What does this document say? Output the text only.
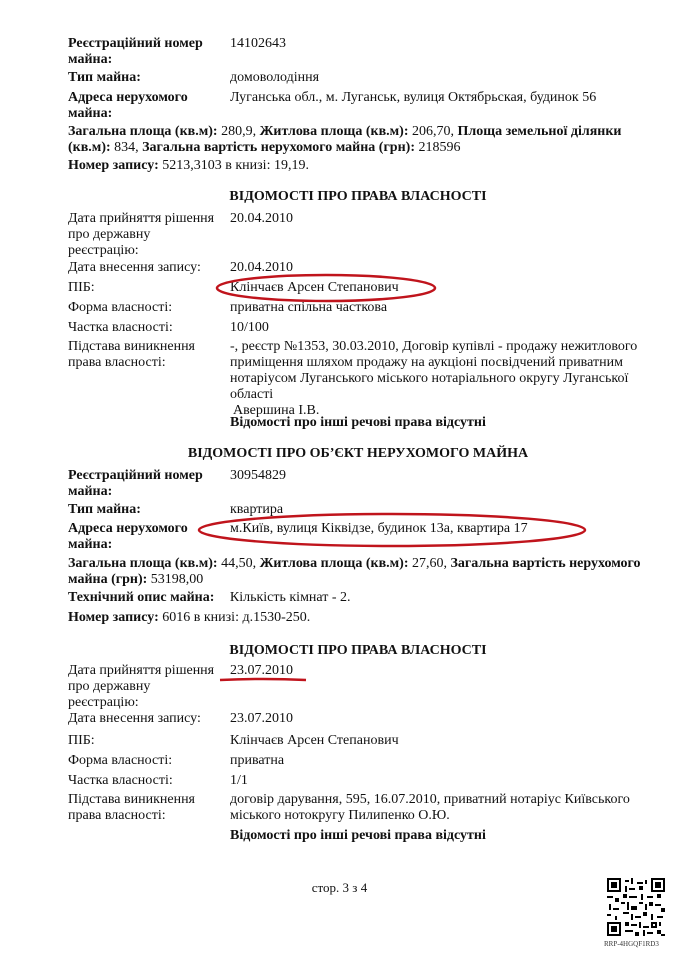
Реєстраційний номер майна:
14102643
Тип майна:	домоволодіння
Адреса нерухомого майна:
Луганська обл., м. Луганськ, вулиця Октябрьская, будинок 56
Загальна площа (кв.м): 280,9, Житлова площа (кв.м): 206,70, Площа земельної ділянки (кв.м): 834, Загальна вартість нерухомого майна (грн): 218596
Номер запису: 5213,3103 в книзі: 19,19.
ВІДОМОСТІ ПРО ПРАВА ВЛАСНОСТІ
Дата прийняття рішення про державну реєстрацію:
20.04.2010
Дата внесення запису:	20.04.2010
ПІБ:	Клінчаєв Арсен Степанович
Форма власності:	приватна спільна часткова
Частка власності:	10/100
Підстава виникнення права власності:
-, реєстр №1353, 30.03.2010, Договір купівлі - продажу нежитлового приміщення шляхом продажу на аукціоні посвідчений приватним нотаріусом Луганського міського нотаріального округу Луганської області
Авершина І.В.
Відомості про інші речові права відсутні
ВІДОМОСТІ ПРО ОБ’ЄКТ НЕРУХОМОГО МАЙНА
Реєстраційний номер майна:
30954829
Тип майна:	квартира
Адреса нерухомого майна:
м.Київ, вулиця Кіквідзе, будинок 13а, квартира 17
Загальна площа (кв.м): 44,50, Житлова площа (кв.м): 27,60, Загальна вартість нерухомого майна (грн): 53198,00
Технічний опис майна: Кількість кімнат - 2.
Номер запису: 6016 в книзі: д.1530-250.
ВІДОМОСТІ ПРО ПРАВА ВЛАСНОСТІ
Дата прийняття рішення про державну реєстрацію:
23.07.2010
Дата внесення запису:	23.07.2010
ПІБ:	Клінчаєв Арсен Степанович
Форма власності:	приватна
Частка власності:	1/1
Підстава виникнення права власності:
договір дарування, 595, 16.07.2010, приватний нотаріус Київського міського нотокругу Пилипенко О.Ю.
Відомості про інші речові права відсутні
стор. 3 з 4
RRP-4HGQF1RD3
